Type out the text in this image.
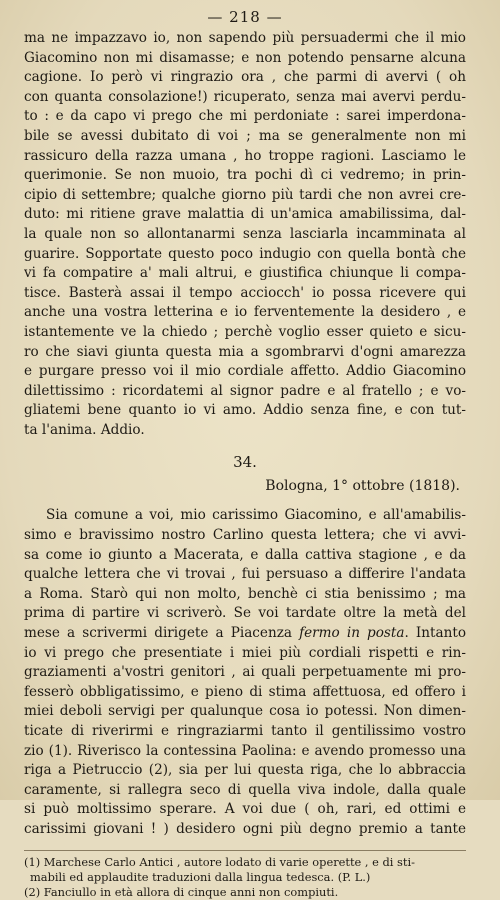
— 218 —

ma ne impazzavo io, non sapendo più persuadermi che il mio
Giacomino non mi disamasse; e non potendo pensarne alcuna
cagione. Io però vi ringrazio ora , che parmi di avervi ( oh
con quanta consolazione!) ricuperato, senza mai avervi perdu-
to : e da capo vi prego che mi perdoniate : sarei imperdona-
bile se avessi dubitato di voi ; ma se generalmente non mi
rassicuro della razza umana , ho troppe ragioni. Lasciamo le
querimonie. Se non muoio, tra pochi dì ci vedremo; in prin-
cipio di settembre; qualche giorno più tardi che non avrei cre-
duto: mi ritiene grave malattia di un'amica amabilissima, dal-
la quale non so allontanarmi senza lasciarla incamminata al
guarire. Sopportate questo poco indugio con quella bontà che
vi fa compatire a' mali altrui, e giustifica chiunque li compa-
tisce. Basterà assai il tempo acciocch' io possa ricevere qui
anche una vostra letterina e io ferventemente la desidero , e
istantemente ve la chiedo ; perchè voglio esser quieto e sicu-
ro che siavi giunta questa mia a sgombrarvi d'ogni amarezza
e purgare presso voi il mio cordiale affetto. Addio Giacomino
dilettissimo : ricordatemi al signor padre e al fratello ; e vo-
gliatemi bene quanto io vi amo. Addio senza fine, e con tut-
ta l'anima. Addio.

34.
Bologna, 1° ottobre (1818).

Sia comune a voi, mio carissimo Giacomino, e all'amabilis-
simo e bravissimo nostro Carlino questa lettera; che vi avvi-
sa come io giunto a Macerata, e dalla cattiva stagione , e da
qualche lettera che vi trovai , fui persuaso a differire l'andata
a Roma. Starò qui non molto, benchè ci stia benissimo ; ma
prima di partire vi scriverò. Se voi tardate oltre la metà del
mese a scrivermi dirigete a Piacenza fermo in posta. Intanto
io vi prego che presentiate i miei più cordiali rispetti e rin-
graziamenti a'vostri genitori , ai quali perpetuamente mi pro-
fesserò obbligatissimo, e pieno di stima affettuosa, ed offero i
miei deboli servigi per qualunque cosa io potessi. Non dimen-
ticate di riverirmi e ringraziarmi tanto il gentilissimo vostro
zio (1). Riverisco la contessina Paolina: e avendo promesso una
riga a Pietruccio (2), sia per lui questa riga, che lo abbraccia
caramente, si rallegra seco di quella viva indole, dalla quale
si può moltissimo sperare. A voi due ( oh, rari, ed ottimi e
carissimi giovani ! ) desidero ogni più degno premio a tante

(1) Marchese Carlo Antici , autore lodato di varie operette , e di sti-
mabili ed applaudite traduzioni dalla lingua tedesca. (P. L.)
(2) Fanciullo in età allora di cinque anni non compiuti.
